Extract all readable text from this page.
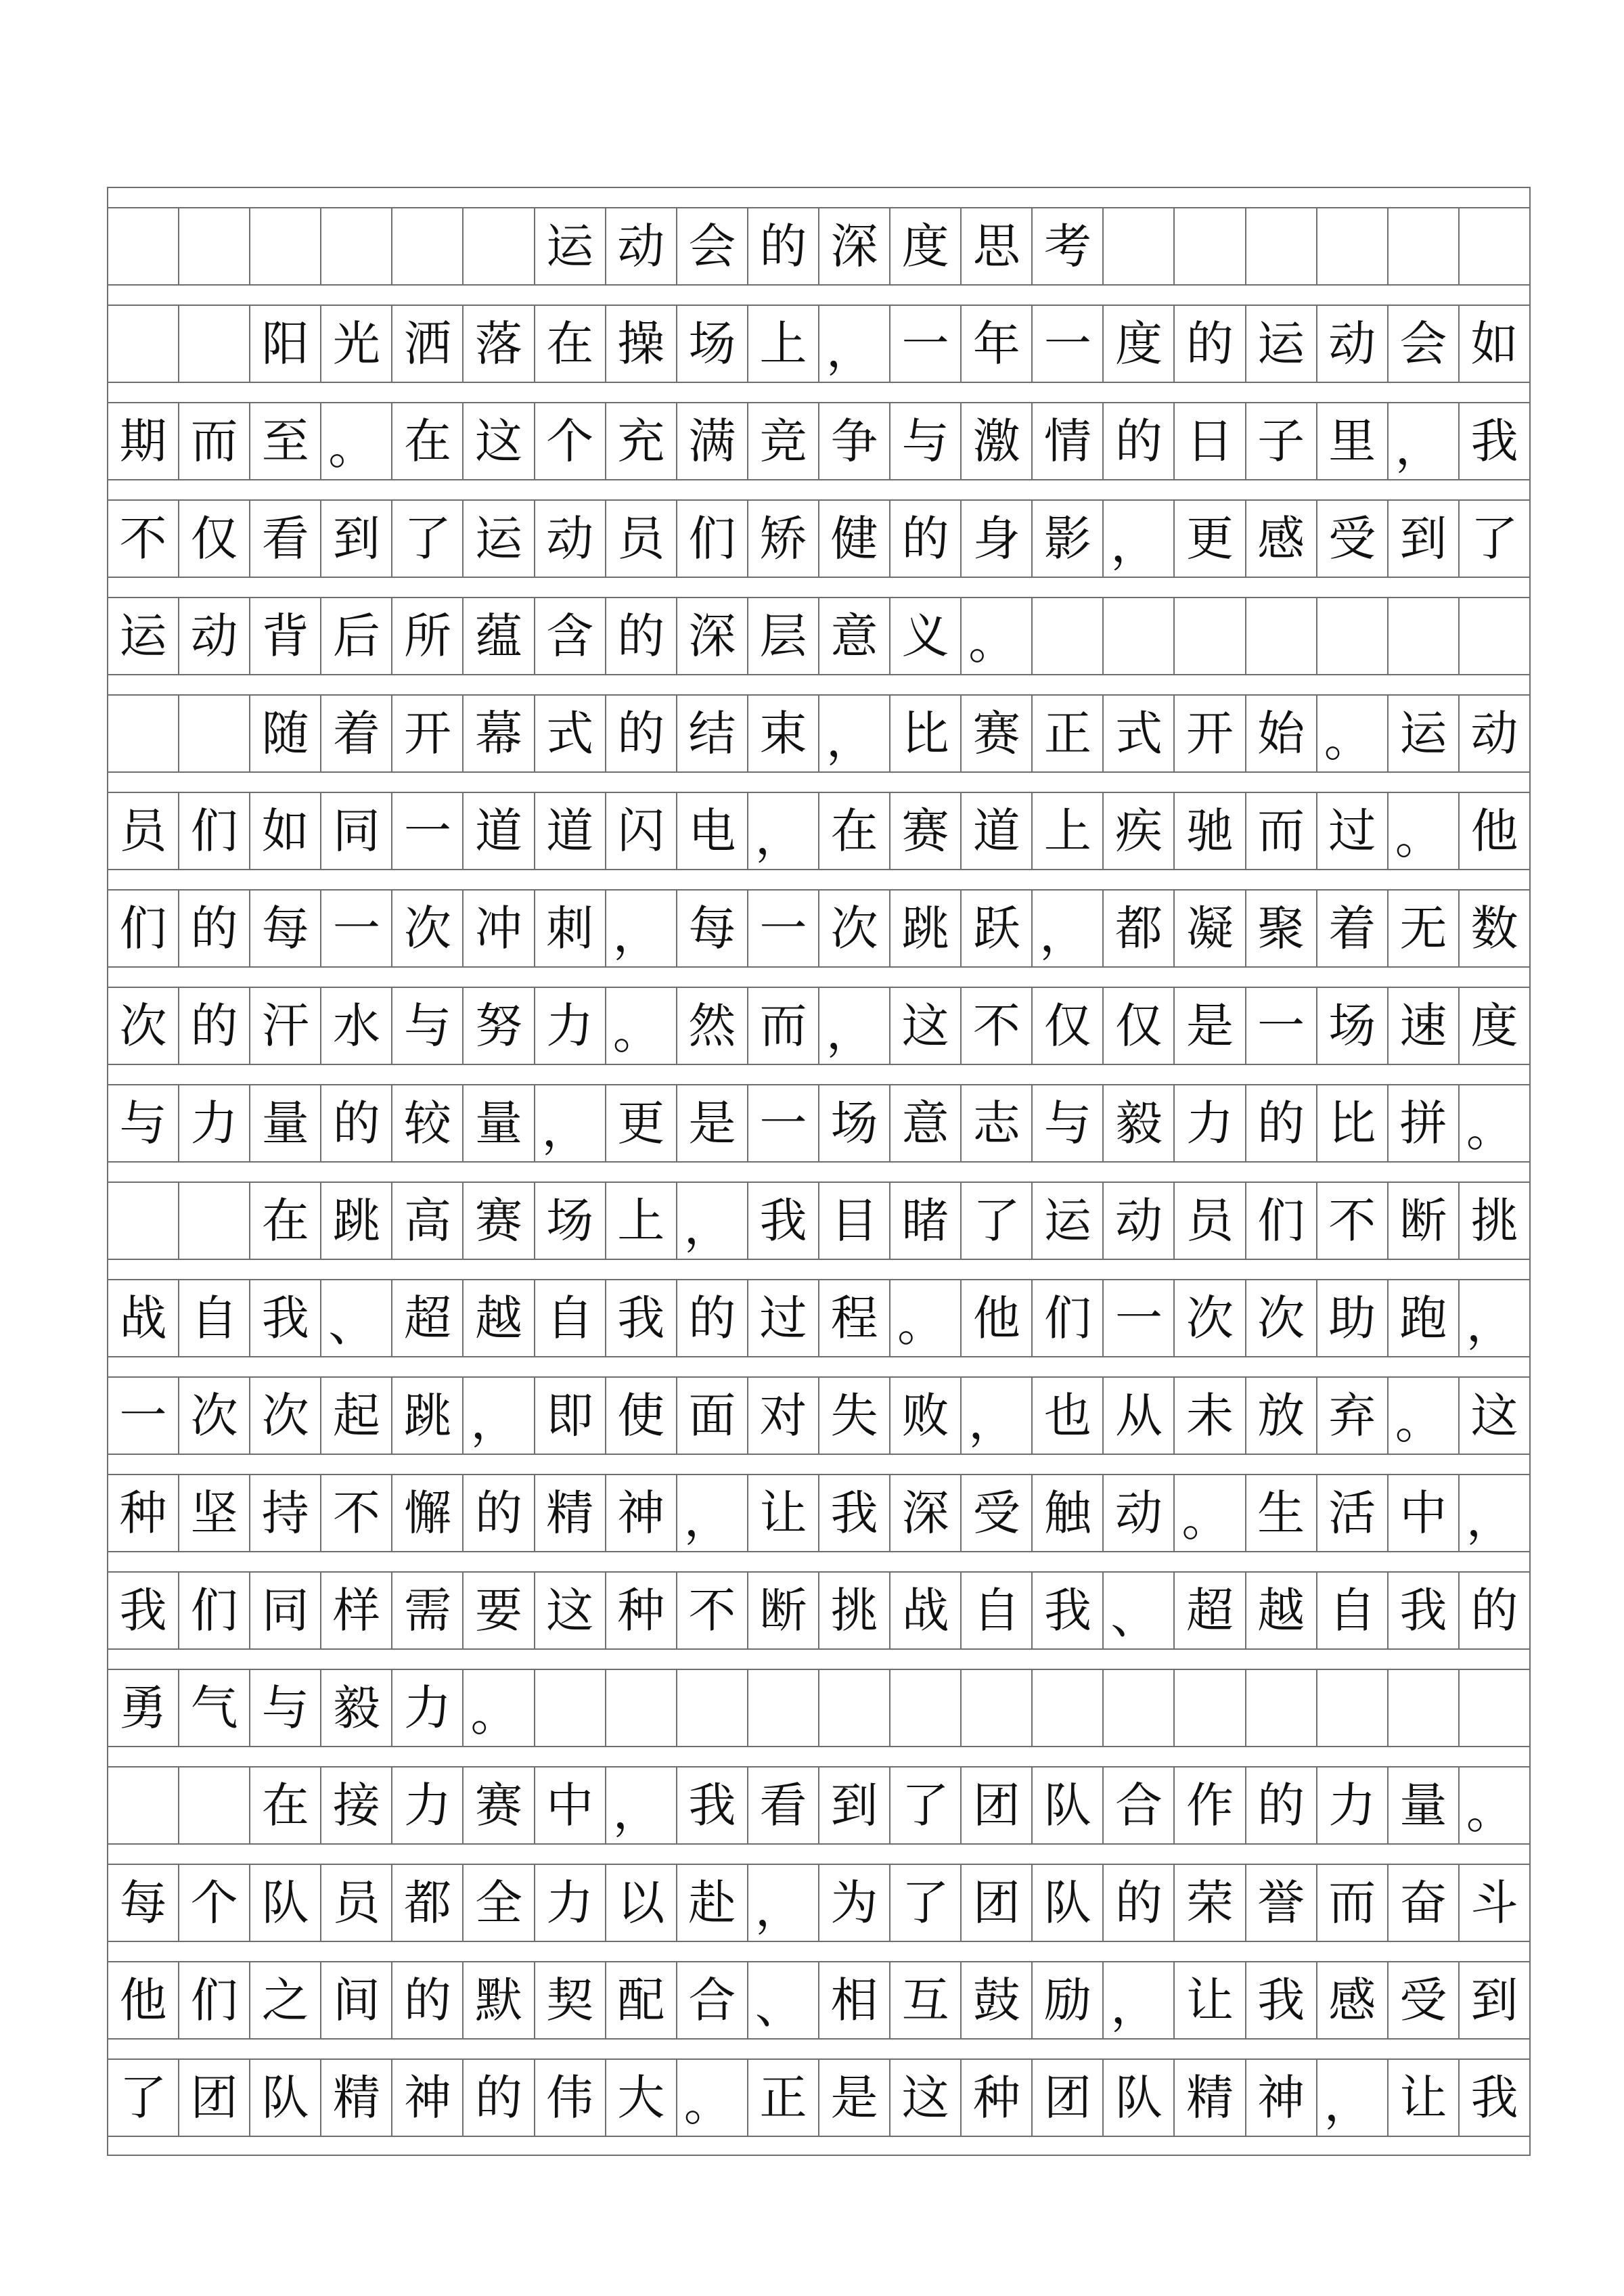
运 动 会 的 深 度 思 考
阳 光 洒 落 在 操 场 上 ， 一 年 一 度 的 运 动 会 如
期 而 至 。 在 这 个 充 满 竞 争 与 激 情 的 日 子 里 ， 我
不 仅 看 到 了 运 动 员 们 矫 健 的 身 影 ， 更 感 受 到 了
运 动 背 后 所 蕴 含 的 深 层 意 义 。
随 着 开 幕 式 的 结 束 ， 比 赛 正 式 开 始 。 运 动
员 们 如 同 一 道 道 闪 电 ， 在 赛 道 上 疾 驰 而 过 。 他
们 的 每 一 次 冲 刺 ， 每 一 次 跳 跃 ， 都 凝 聚 着 无 数
次 的 汗 水 与 努 力 。 然 而 ， 这 不 仅 仅 是 一 场 速 度
与 力 量 的 较 量 ， 更 是 一 场 意 志 与 毅 力 的 比 拼 。
在 跳 高 赛 场 上 ， 我 目 睹 了 运 动 员 们 不 断 挑
战 自 我 、 超 越 自 我 的 过 程 。 他 们 一 次 次 助 跑 ，
一 次 次 起 跳 ， 即 使 面 对 失 败 ， 也 从 未 放 弃 。 这
种 坚 持 不 懈 的 精 神 ， 让 我 深 受 触 动 。 生 活 中 ，
我 们 同 样 需 要 这 种 不 断 挑 战 自 我 、 超 越 自 我 的
勇 气 与 毅 力 。
在 接 力 赛 中 ， 我 看 到 了 团 队 合 作 的 力 量 。
每 个 队 员 都 全 力 以 赴 ， 为 了 团 队 的 荣 誉 而 奋 斗
他 们 之 间 的 默 契 配 合 、 相 互 鼓 励 ， 让 我 感 受 到
了 团 队 精 神 的 伟 大 。 正 是 这 种 团 队 精 神 ， 让 我
